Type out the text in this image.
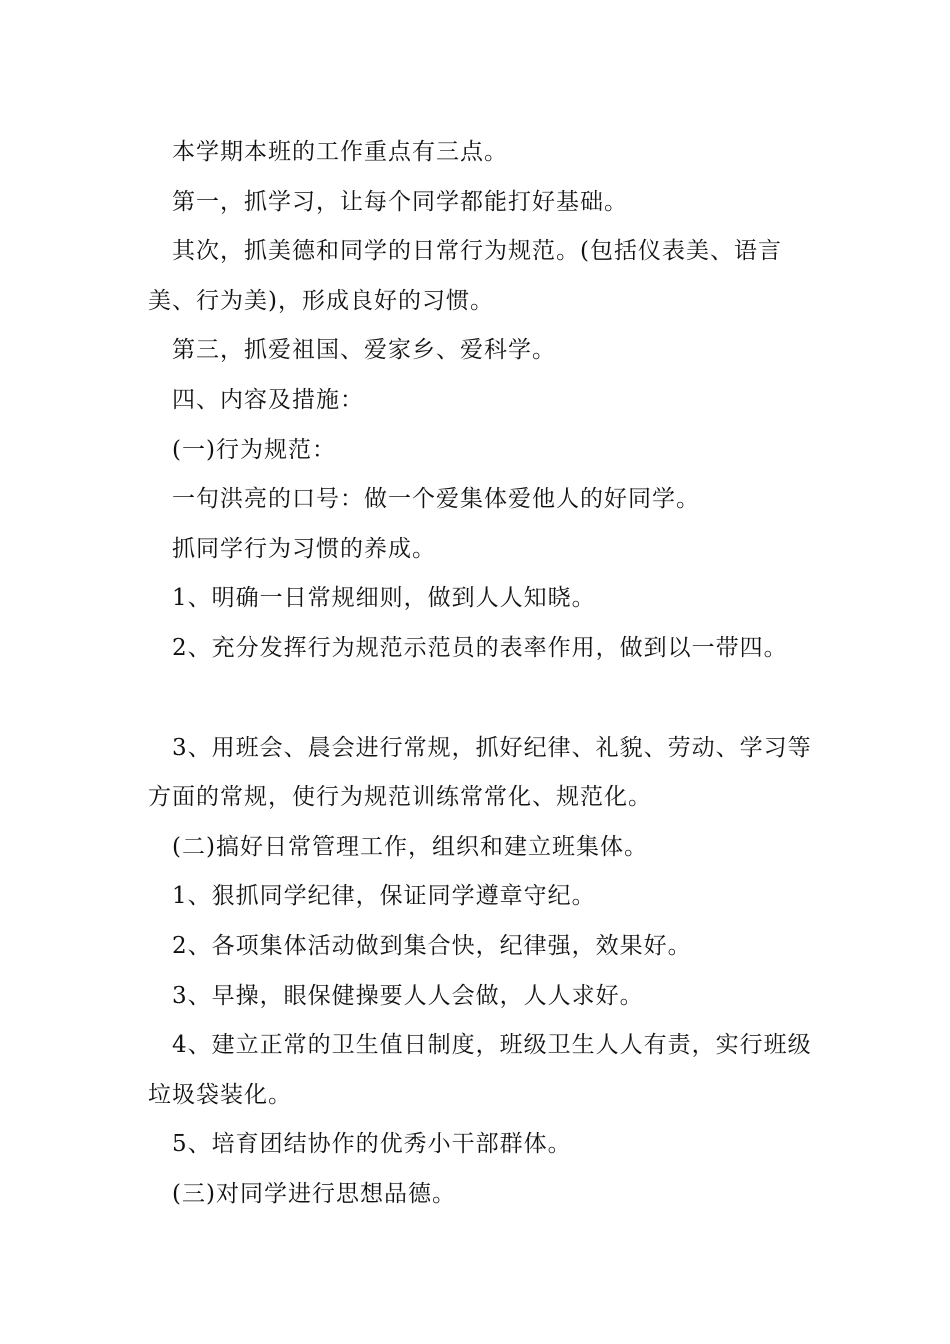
本学期本班的工作重点有三点。

第一，抓学习，让每个同学都能打好基础。

其次，抓美德和同学的日常行为规范。(包括仪表美、语言美、行为美)，形成良好的习惯。

第三，抓爱祖国、爱家乡、爱科学。

四、内容及措施：

(一)行为规范：

一句洪亮的口号：做一个爱集体爱他人的好同学。

抓同学行为习惯的养成。

1、明确一日常规细则，做到人人知晓。

2、充分发挥行为规范示范员的表率作用，做到以一带四。

3、用班会、晨会进行常规，抓好纪律、礼貌、劳动、学习等方面的常规，使行为规范训练常常化、规范化。

(二)搞好日常管理工作，组织和建立班集体。

1、狠抓同学纪律，保证同学遵章守纪。

2、各项集体活动做到集合快，纪律强，效果好。

3、早操，眼保健操要人人会做，人人求好。

4、建立正常的卫生值日制度，班级卫生人人有责，实行班级垃圾袋装化。

5、培育团结协作的优秀小干部群体。

(三)对同学进行思想品德。
